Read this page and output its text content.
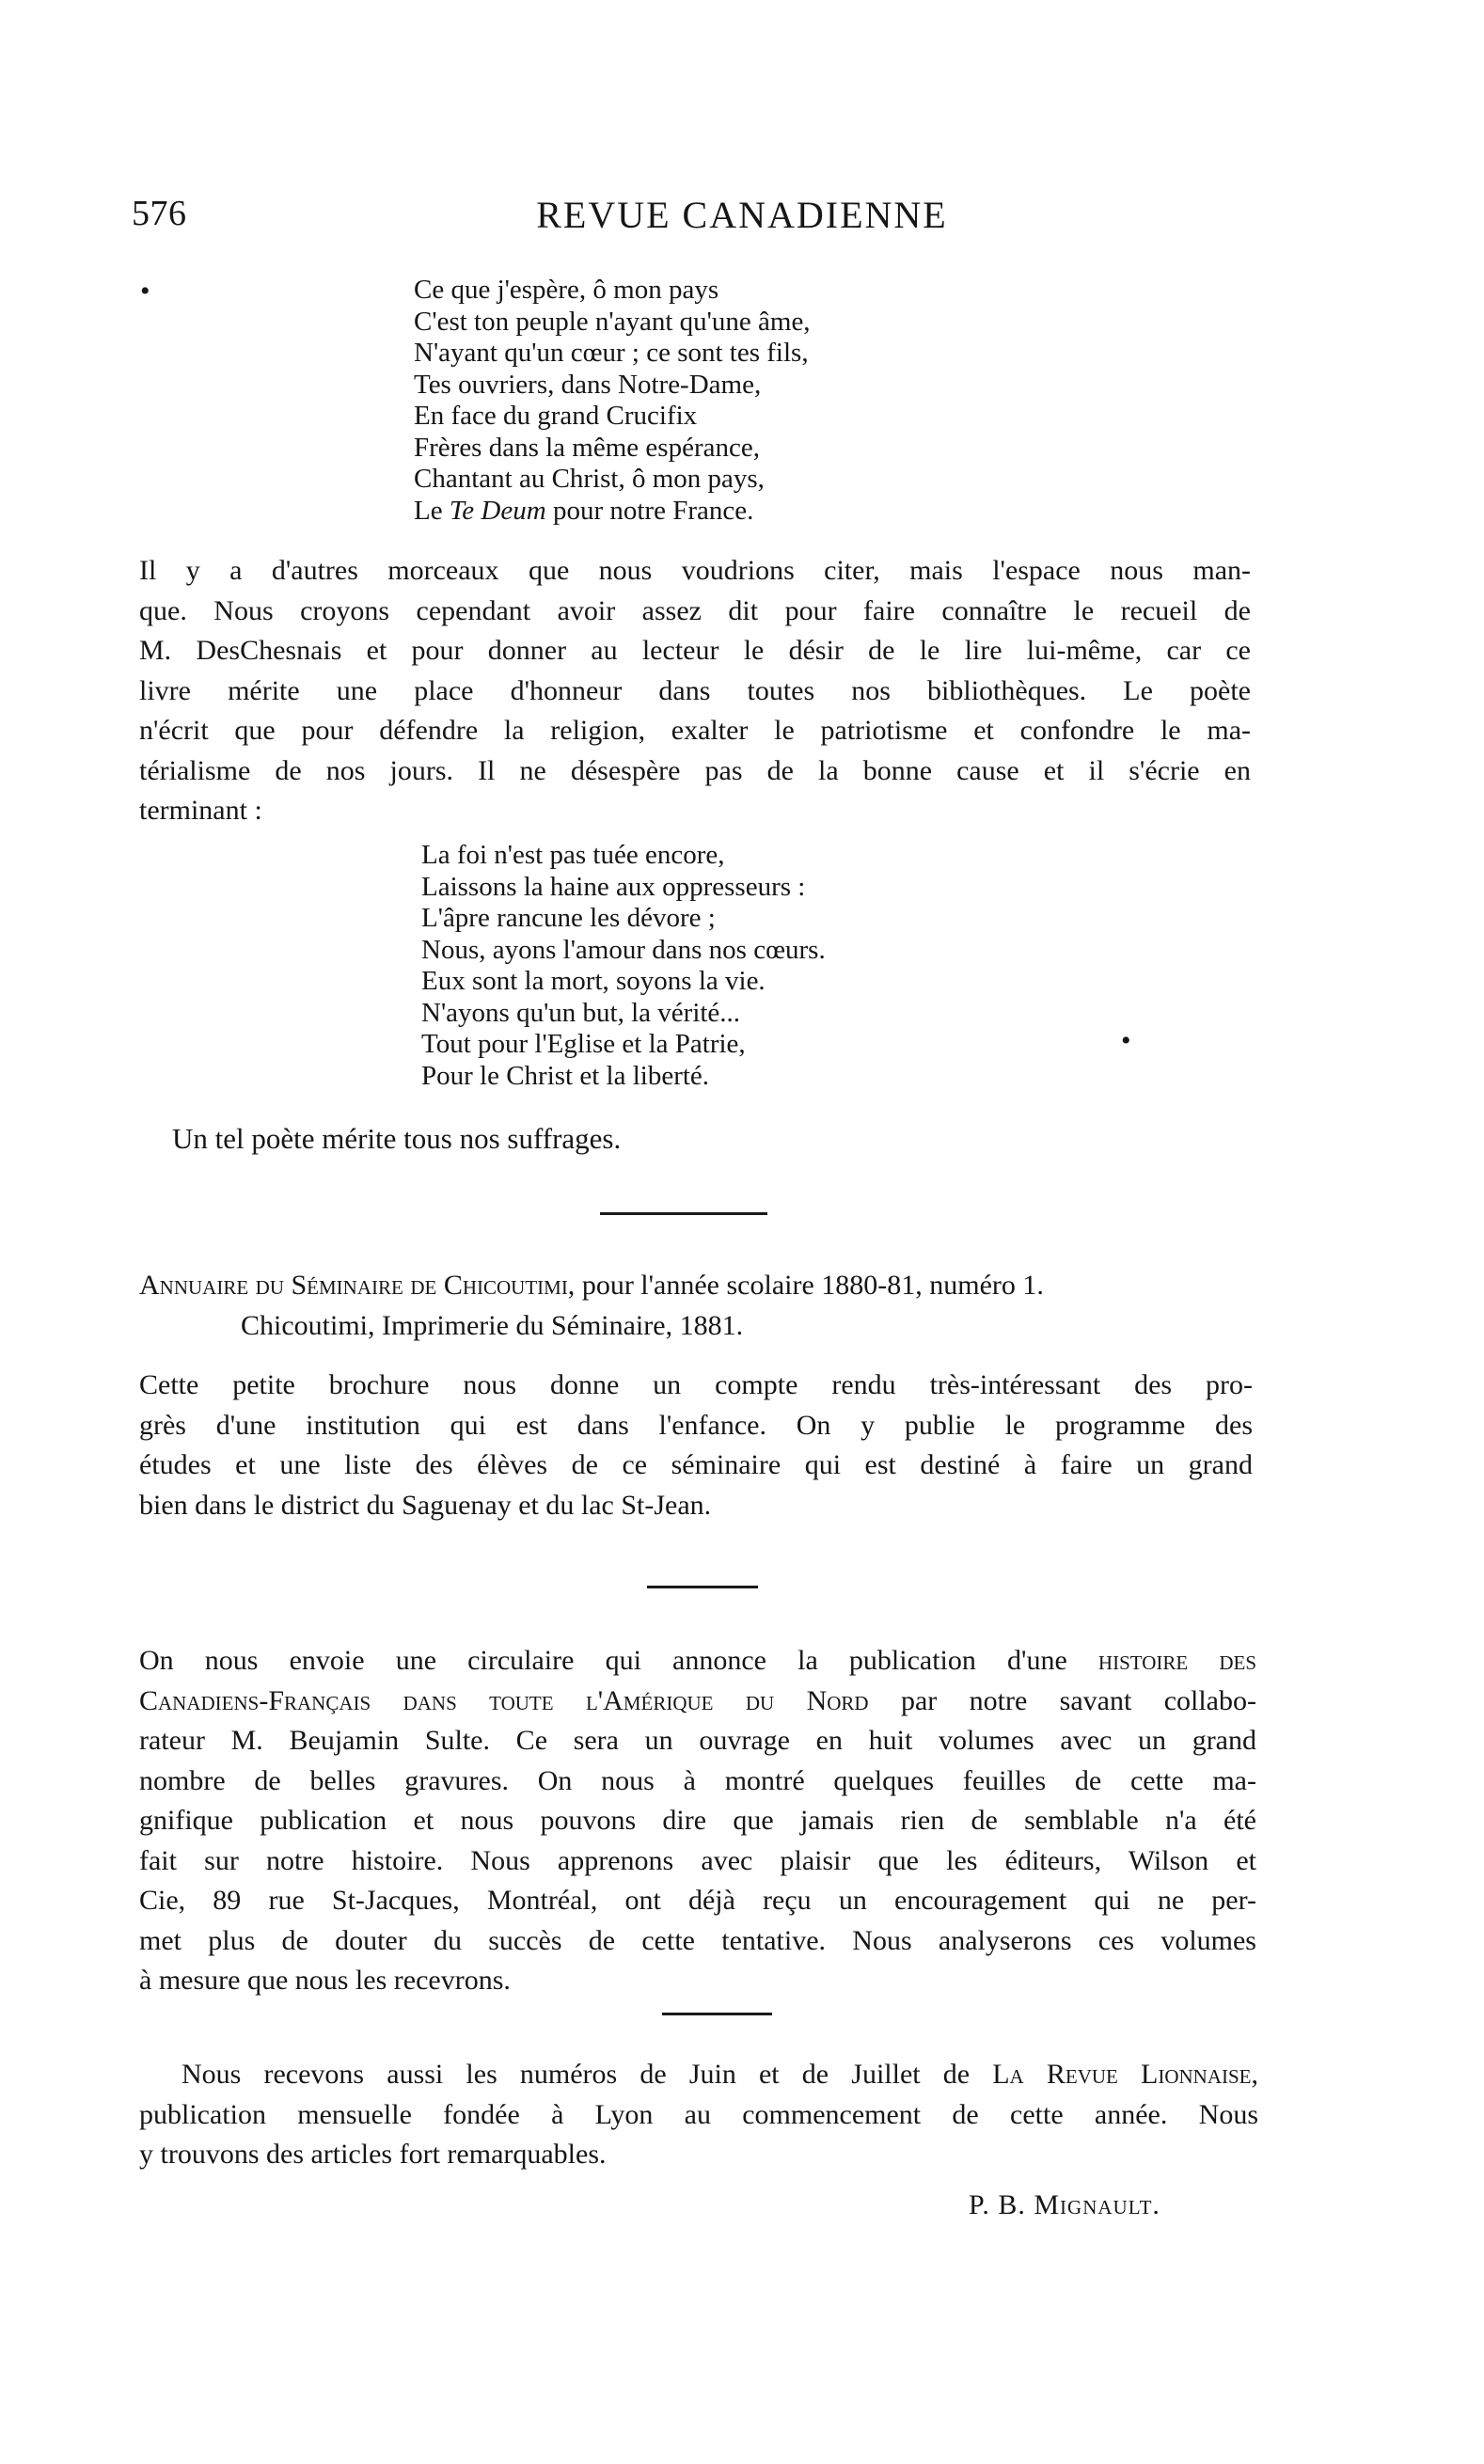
576	REVUE CANADIENNE
•
•
Ce que j'espère, ô mon pays
C'est ton peuple n'ayant qu'une âme,
N'ayant qu'un cœur ; ce sont tes fils,
Tes ouvriers, dans Notre-Dame,
En face du grand Crucifix
Frères dans la même espérance,
Chantant au Christ, ô mon pays,
Le Te Deum pour notre France.
Il y a d'autres morceaux que nous voudrions citer, mais l'espace nous man-
que. Nous croyons cependant avoir assez dit pour faire connaître le recueil de
M. DesChesnais et pour donner au lecteur le désir de le lire lui-même, car ce
livre mérite une place d'honneur dans toutes nos bibliothèques. Le poète
n'écrit que pour défendre la religion, exalter le patriotisme et confondre le ma-
térialisme de nos jours. Il ne désespère pas de la bonne cause et il s'écrie en
terminant :
La foi n'est pas tuée encore,
Laissons la haine aux oppresseurs :
L'âpre rancune les dévore ;
Nous, ayons l'amour dans nos cœurs.
Eux sont la mort, soyons la vie.
N'ayons qu'un but, la vérité...
Tout pour l'Eglise et la Patrie,
Pour le Christ et la liberté.
Un tel poète mérite tous nos suffrages.
Annuaire du Séminaire de Chicoutimi, pour l'année scolaire 1880-81, numéro 1.
Chicoutimi, Imprimerie du Séminaire, 1881.
Cette petite brochure nous donne un compte rendu très-intéressant des pro-
grès d'une institution qui est dans l'enfance. On y publie le programme des
études et une liste des élèves de ce séminaire qui est destiné à faire un grand
bien dans le district du Saguenay et du lac St-Jean.
On nous envoie une circulaire qui annonce la publication d'une histoire des
Canadiens-Français dans toute l'Amérique du Nord par notre savant collabo-
rateur M. Beujamin Sulte. Ce sera un ouvrage en huit volumes avec un grand
nombre de belles gravures. On nous à montré quelques feuilles de cette ma-
gnifique publication et nous pouvons dire que jamais rien de semblable n'a été
fait sur notre histoire. Nous apprenons avec plaisir que les éditeurs, Wilson et
Cie, 89 rue St-Jacques, Montréal, ont déjà reçu un encouragement qui ne per-
met plus de douter du succès de cette tentative. Nous analyserons ces volumes
à mesure que nous les recevrons.
Nous recevons aussi les numéros de Juin et de Juillet de La Revue Lionnaise,
publication mensuelle fondée à Lyon au commencement de cette année. Nous
y trouvons des articles fort remarquables.
P. B. Mignault.
